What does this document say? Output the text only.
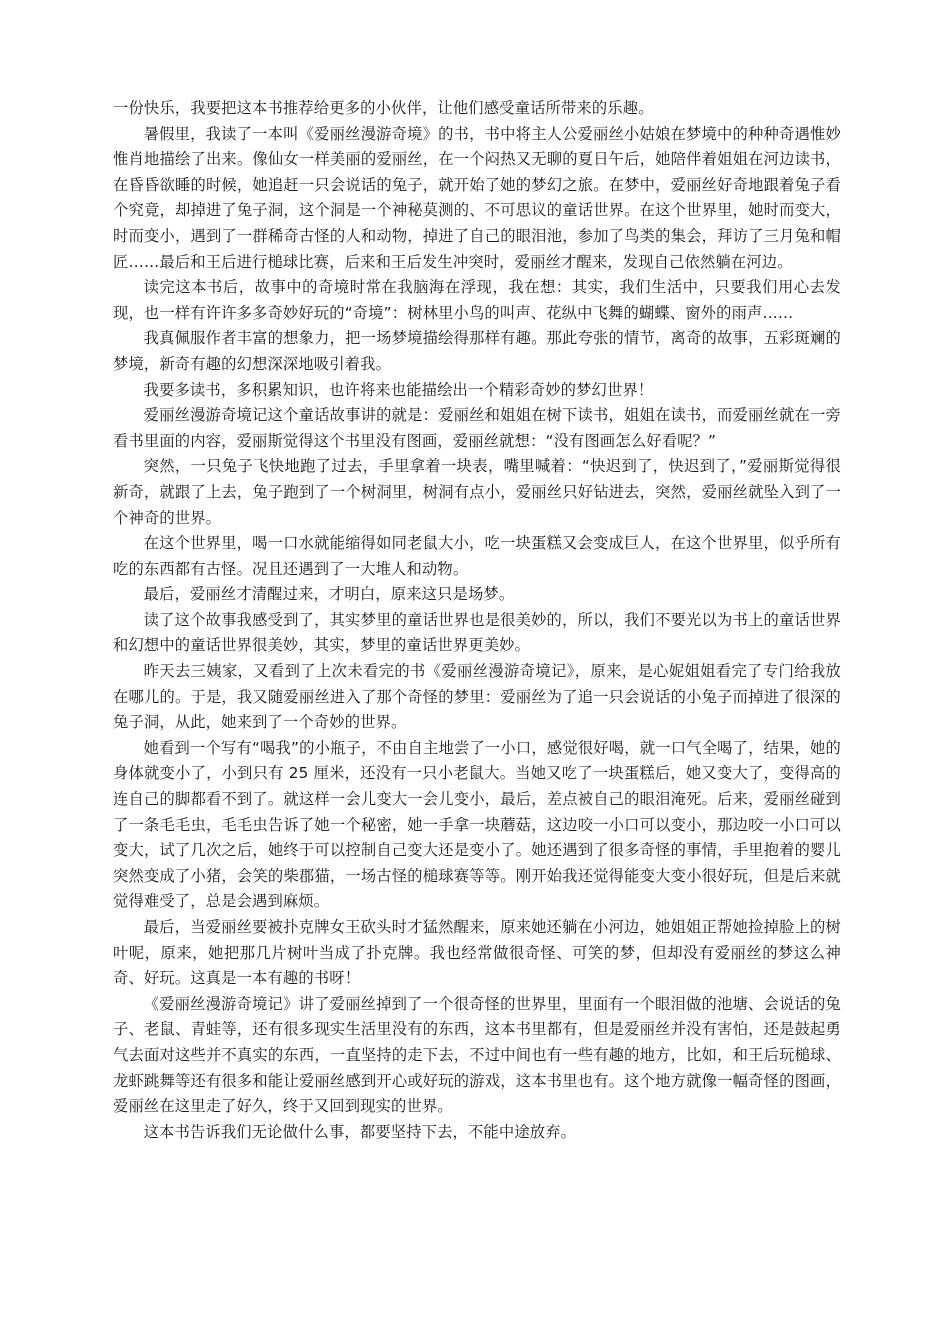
一份快乐，我要把这本书推荐给更多的小伙伴，让他们感受童话所带来的乐趣。

暑假里，我读了一本叫《爱丽丝漫游奇境》的书，书中将主人公爱丽丝小姑娘在梦境中的种种奇遇惟妙惟肖地描绘了出来。像仙女一样美丽的爱丽丝，在一个闷热又无聊的夏日午后，她陪伴着姐姐在河边读书，在昏昏欲睡的时候，她追赶一只会说话的兔子，就开始了她的梦幻之旅。在梦中，爱丽丝好奇地跟着兔子看个究竟，却掉进了兔子洞，这个洞是一个神秘莫测的、不可思议的童话世界。在这个世界里，她时而变大，时而变小，遇到了一群稀奇古怪的人和动物，掉进了自己的眼泪池，参加了鸟类的集会，拜访了三月兔和帽匠……最后和王后进行槌球比赛，后来和王后发生冲突时，爱丽丝才醒来，发现自己依然躺在河边。

读完这本书后，故事中的奇境时常在我脑海在浮现，我在想：其实，我们生活中，只要我们用心去发现，也一样有许许多多奇妙好玩的“奇境”：树林里小鸟的叫声、花纵中飞舞的蝴蝶、窗外的雨声……

我真佩服作者丰富的想象力，把一场梦境描绘得那样有趣。那此夸张的情节，离奇的故事，五彩斑斓的梦境，新奇有趣的幻想深深地吸引着我。

我要多读书，多积累知识，也许将来也能描绘出一个精彩奇妙的梦幻世界！

爱丽丝漫游奇境记这个童话故事讲的就是：爱丽丝和姐姐在树下读书，姐姐在读书，而爱丽丝就在一旁看书里面的内容，爱丽斯觉得这个书里没有图画，爱丽丝就想：“没有图画怎么好看呢？”

突然，一只兔子飞快地跑了过去，手里拿着一块表，嘴里喊着：“快迟到了，快迟到了，”爱丽斯觉得很新奇，就跟了上去，兔子跑到了一个树洞里，树洞有点小，爱丽丝只好钻进去，突然，爱丽丝就坠入到了一个神奇的世界。

在这个世界里，喝一口水就能缩得如同老鼠大小，吃一块蛋糕又会变成巨人，在这个世界里，似乎所有吃的东西都有古怪。况且还遇到了一大堆人和动物。

最后，爱丽丝才清醒过来，才明白，原来这只是场梦。

读了这个故事我感受到了，其实梦里的童话世界也是很美妙的，所以，我们不要光以为书上的童话世界和幻想中的童话世界很美妙，其实，梦里的童话世界更美妙。

昨天去三姨家，又看到了上次未看完的书《爱丽丝漫游奇境记》，原来，是心妮姐姐看完了专门给我放在哪儿的。于是，我又随爱丽丝进入了那个奇怪的梦里：爱丽丝为了追一只会说话的小兔子而掉进了很深的兔子洞，从此，她来到了一个奇妙的世界。

她看到一个写有“喝我”的小瓶子，不由自主地尝了一小口，感觉很好喝，就一口气全喝了，结果，她的身体就变小了，小到只有 25 厘米，还没有一只小老鼠大。当她又吃了一块蛋糕后，她又变大了，变得高的连自己的脚都看不到了。就这样一会儿变大一会儿变小，最后，差点被自己的眼泪淹死。后来，爱丽丝碰到了一条毛毛虫，毛毛虫告诉了她一个秘密，她一手拿一块蘑菇，这边咬一小口可以变小，那边咬一小口可以变大，试了几次之后，她终于可以控制自己变大还是变小了。她还遇到了很多奇怪的事情，手里抱着的婴儿突然变成了小猪，会笑的柴郡猫，一场古怪的槌球赛等等。刚开始我还觉得能变大变小很好玩，但是后来就觉得难受了，总是会遇到麻烦。

最后，当爱丽丝要被扑克牌女王砍头时才猛然醒来，原来她还躺在小河边，她姐姐正帮她捡掉脸上的树叶呢，原来，她把那几片树叶当成了扑克牌。我也经常做很奇怪、可笑的梦，但却没有爱丽丝的梦这么神奇、好玩。这真是一本有趣的书呀！

《爱丽丝漫游奇境记》讲了爱丽丝掉到了一个很奇怪的世界里，里面有一个眼泪做的池塘、会说话的兔子、老鼠、青蛙等，还有很多现实生活里没有的东西，这本书里都有，但是爱丽丝并没有害怕，还是鼓起勇气去面对这些并不真实的东西，一直坚持的走下去，不过中间也有一些有趣的地方，比如，和王后玩槌球、龙虾跳舞等还有很多和能让爱丽丝感到开心或好玩的游戏，这本书里也有。这个地方就像一幅奇怪的图画，爱丽丝在这里走了好久，终于又回到现实的世界。

这本书告诉我们无论做什么事，都要坚持下去，不能中途放弃。
